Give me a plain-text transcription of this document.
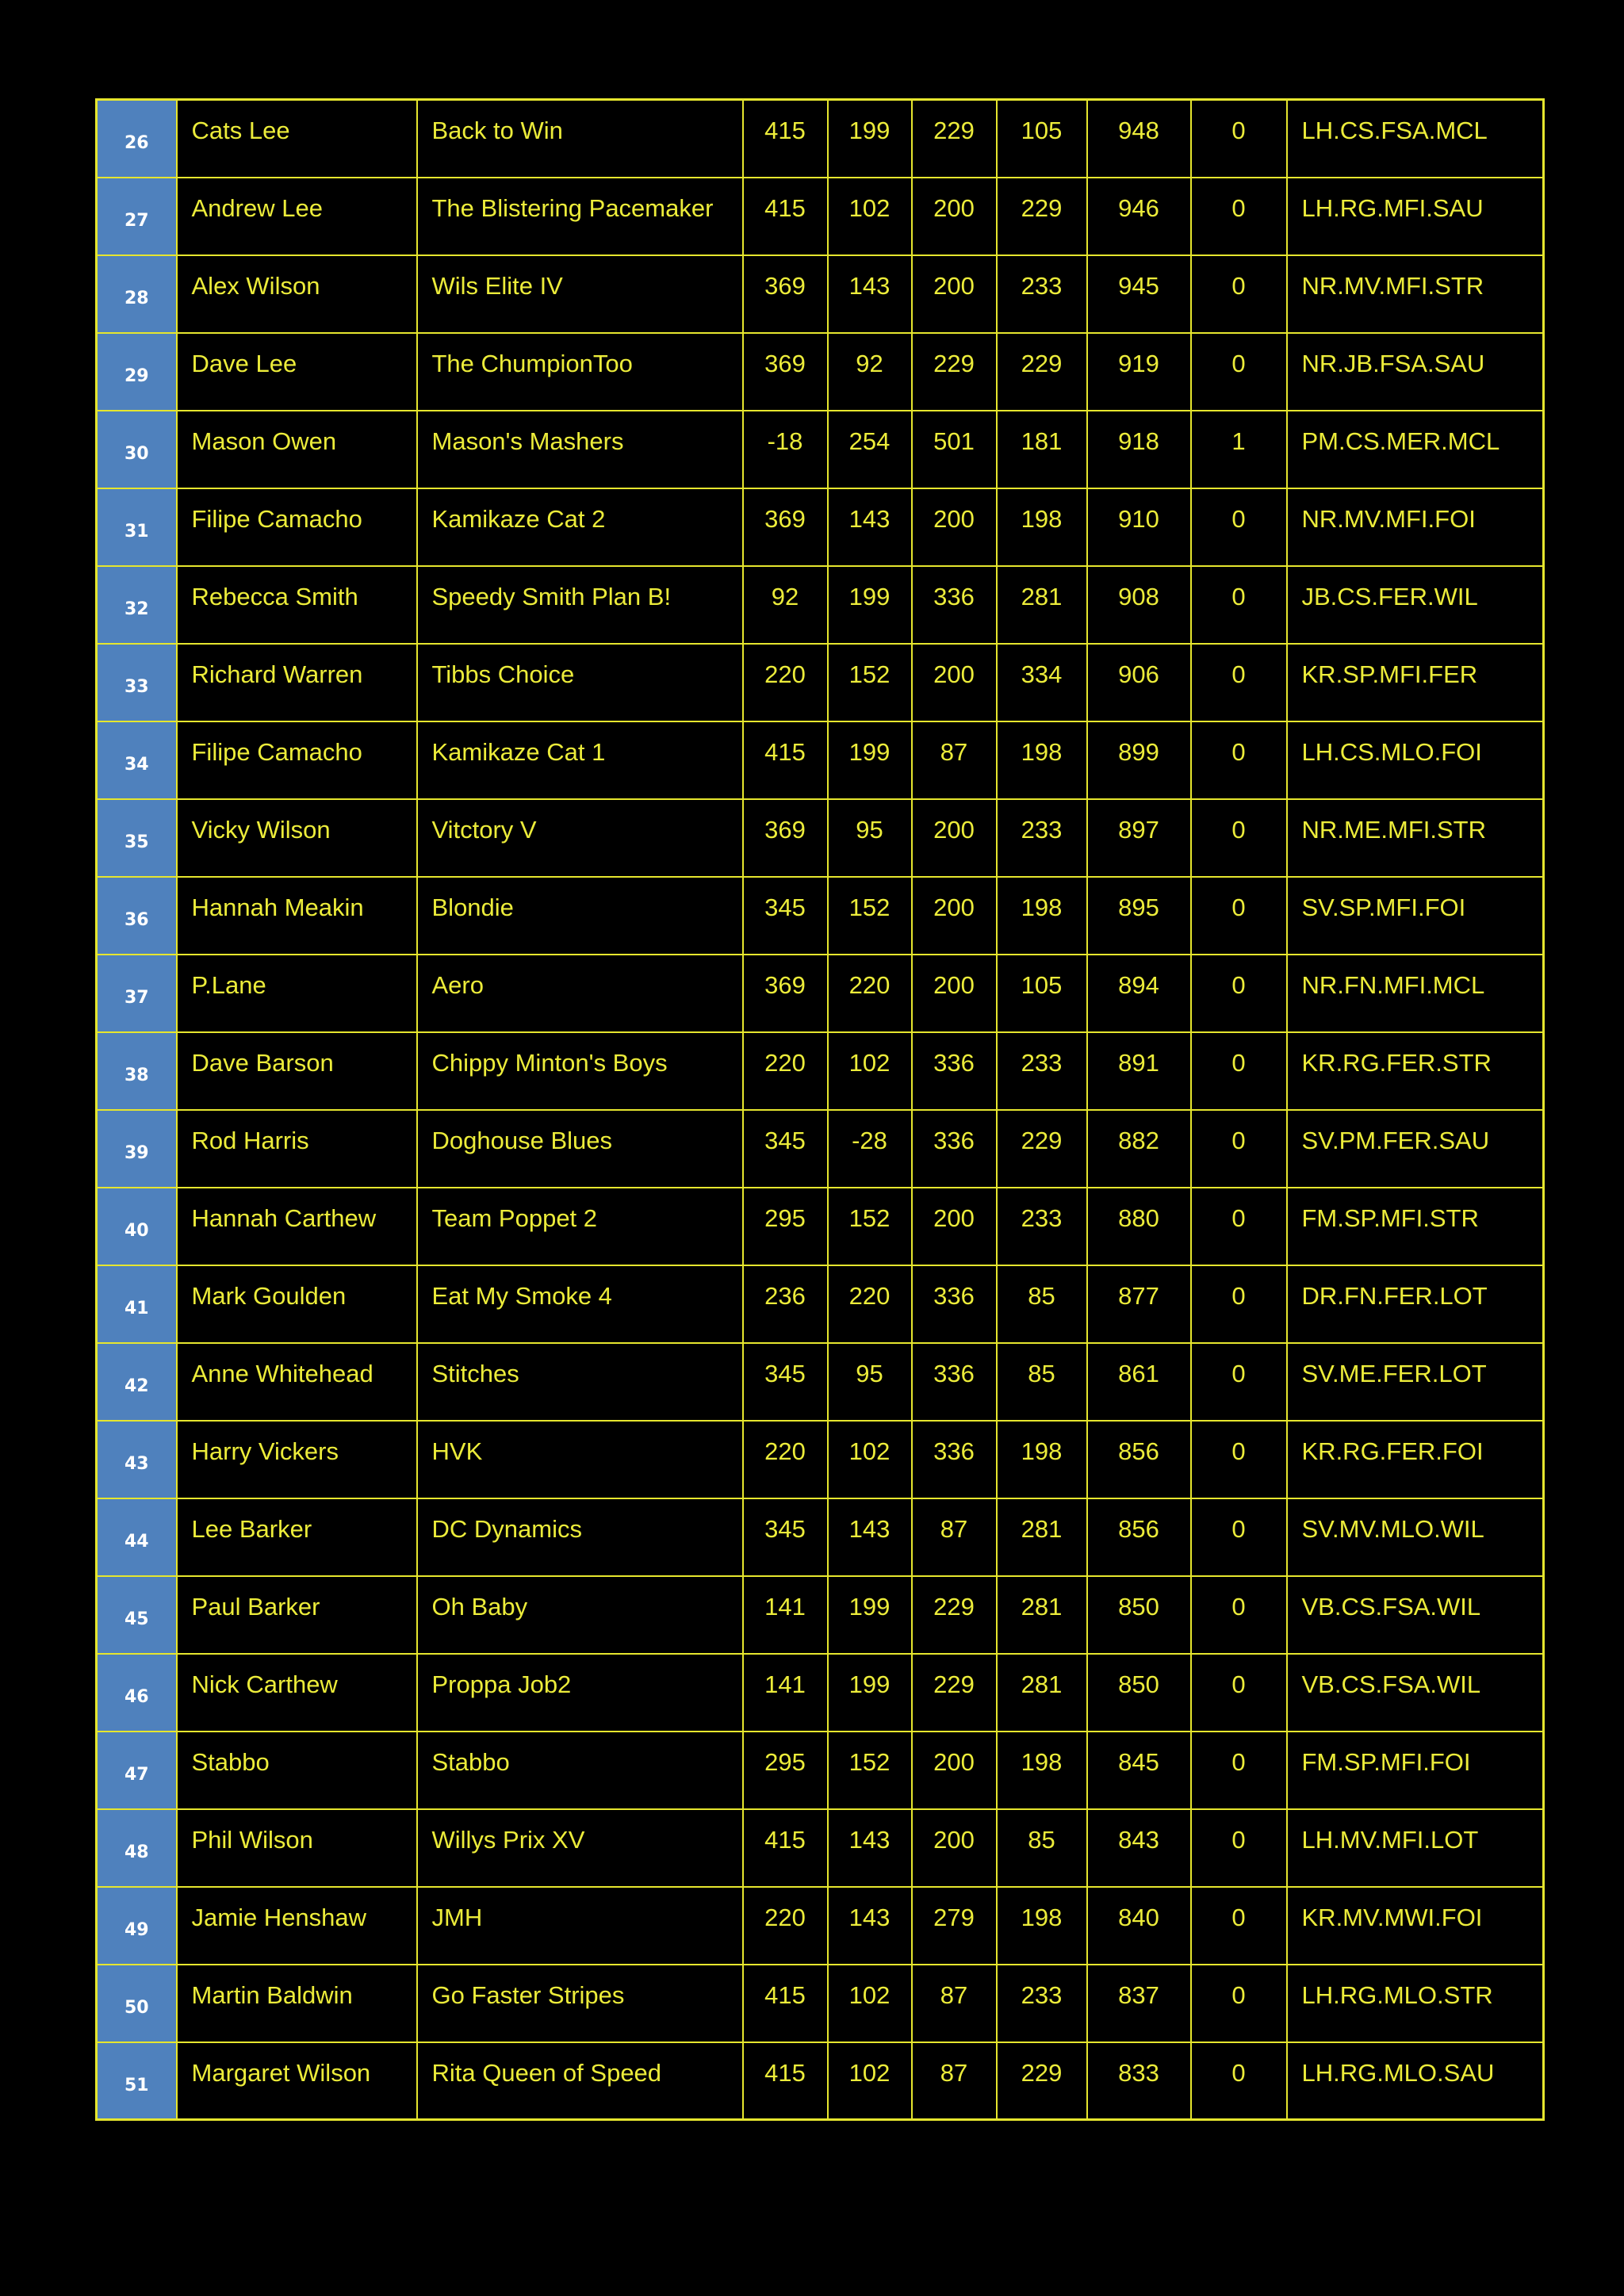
26	Cats Lee	Back to Win	415	199	229	105	948	0	LH.CS.FSA.MCL
27	Andrew Lee	The Blistering Pacemaker	415	102	200	229	946	0	LH.RG.MFI.SAU
28	Alex Wilson	Wils Elite IV	369	143	200	233	945	0	NR.MV.MFI.STR
29	Dave Lee	The ChumpionToo	369	92	229	229	919	0	NR.JB.FSA.SAU
30	Mason Owen	Mason's Mashers	-18	254	501	181	918	1	PM.CS.MER.MCL
31	Filipe Camacho	Kamikaze Cat 2	369	143	200	198	910	0	NR.MV.MFI.FOI
32	Rebecca Smith	Speedy Smith Plan B!	92	199	336	281	908	0	JB.CS.FER.WIL
33	Richard Warren	Tibbs Choice	220	152	200	334	906	0	KR.SP.MFI.FER
34	Filipe Camacho	Kamikaze Cat 1	415	199	87	198	899	0	LH.CS.MLO.FOI
35	Vicky Wilson	Vitctory V	369	95	200	233	897	0	NR.ME.MFI.STR
36	Hannah Meakin	Blondie	345	152	200	198	895	0	SV.SP.MFI.FOI
37	P.Lane	Aero	369	220	200	105	894	0	NR.FN.MFI.MCL
38	Dave Barson	Chippy Minton's Boys	220	102	336	233	891	0	KR.RG.FER.STR
39	Rod Harris	Doghouse Blues	345	-28	336	229	882	0	SV.PM.FER.SAU
40	Hannah Carthew	Team Poppet 2	295	152	200	233	880	0	FM.SP.MFI.STR
41	Mark Goulden	Eat My Smoke 4	236	220	336	85	877	0	DR.FN.FER.LOT
42	Anne Whitehead	Stitches	345	95	336	85	861	0	SV.ME.FER.LOT
43	Harry Vickers	HVK	220	102	336	198	856	0	KR.RG.FER.FOI
44	Lee Barker	DC Dynamics	345	143	87	281	856	0	SV.MV.MLO.WIL
45	Paul Barker	Oh Baby	141	199	229	281	850	0	VB.CS.FSA.WIL
46	Nick Carthew	Proppa Job2	141	199	229	281	850	0	VB.CS.FSA.WIL
47	Stabbo	Stabbo	295	152	200	198	845	0	FM.SP.MFI.FOI
48	Phil Wilson	Willys Prix XV	415	143	200	85	843	0	LH.MV.MFI.LOT
49	Jamie Henshaw	JMH	220	143	279	198	840	0	KR.MV.MWI.FOI
50	Martin Baldwin	Go Faster Stripes	415	102	87	233	837	0	LH.RG.MLO.STR
51	Margaret Wilson	Rita Queen of Speed	415	102	87	229	833	0	LH.RG.MLO.SAU
